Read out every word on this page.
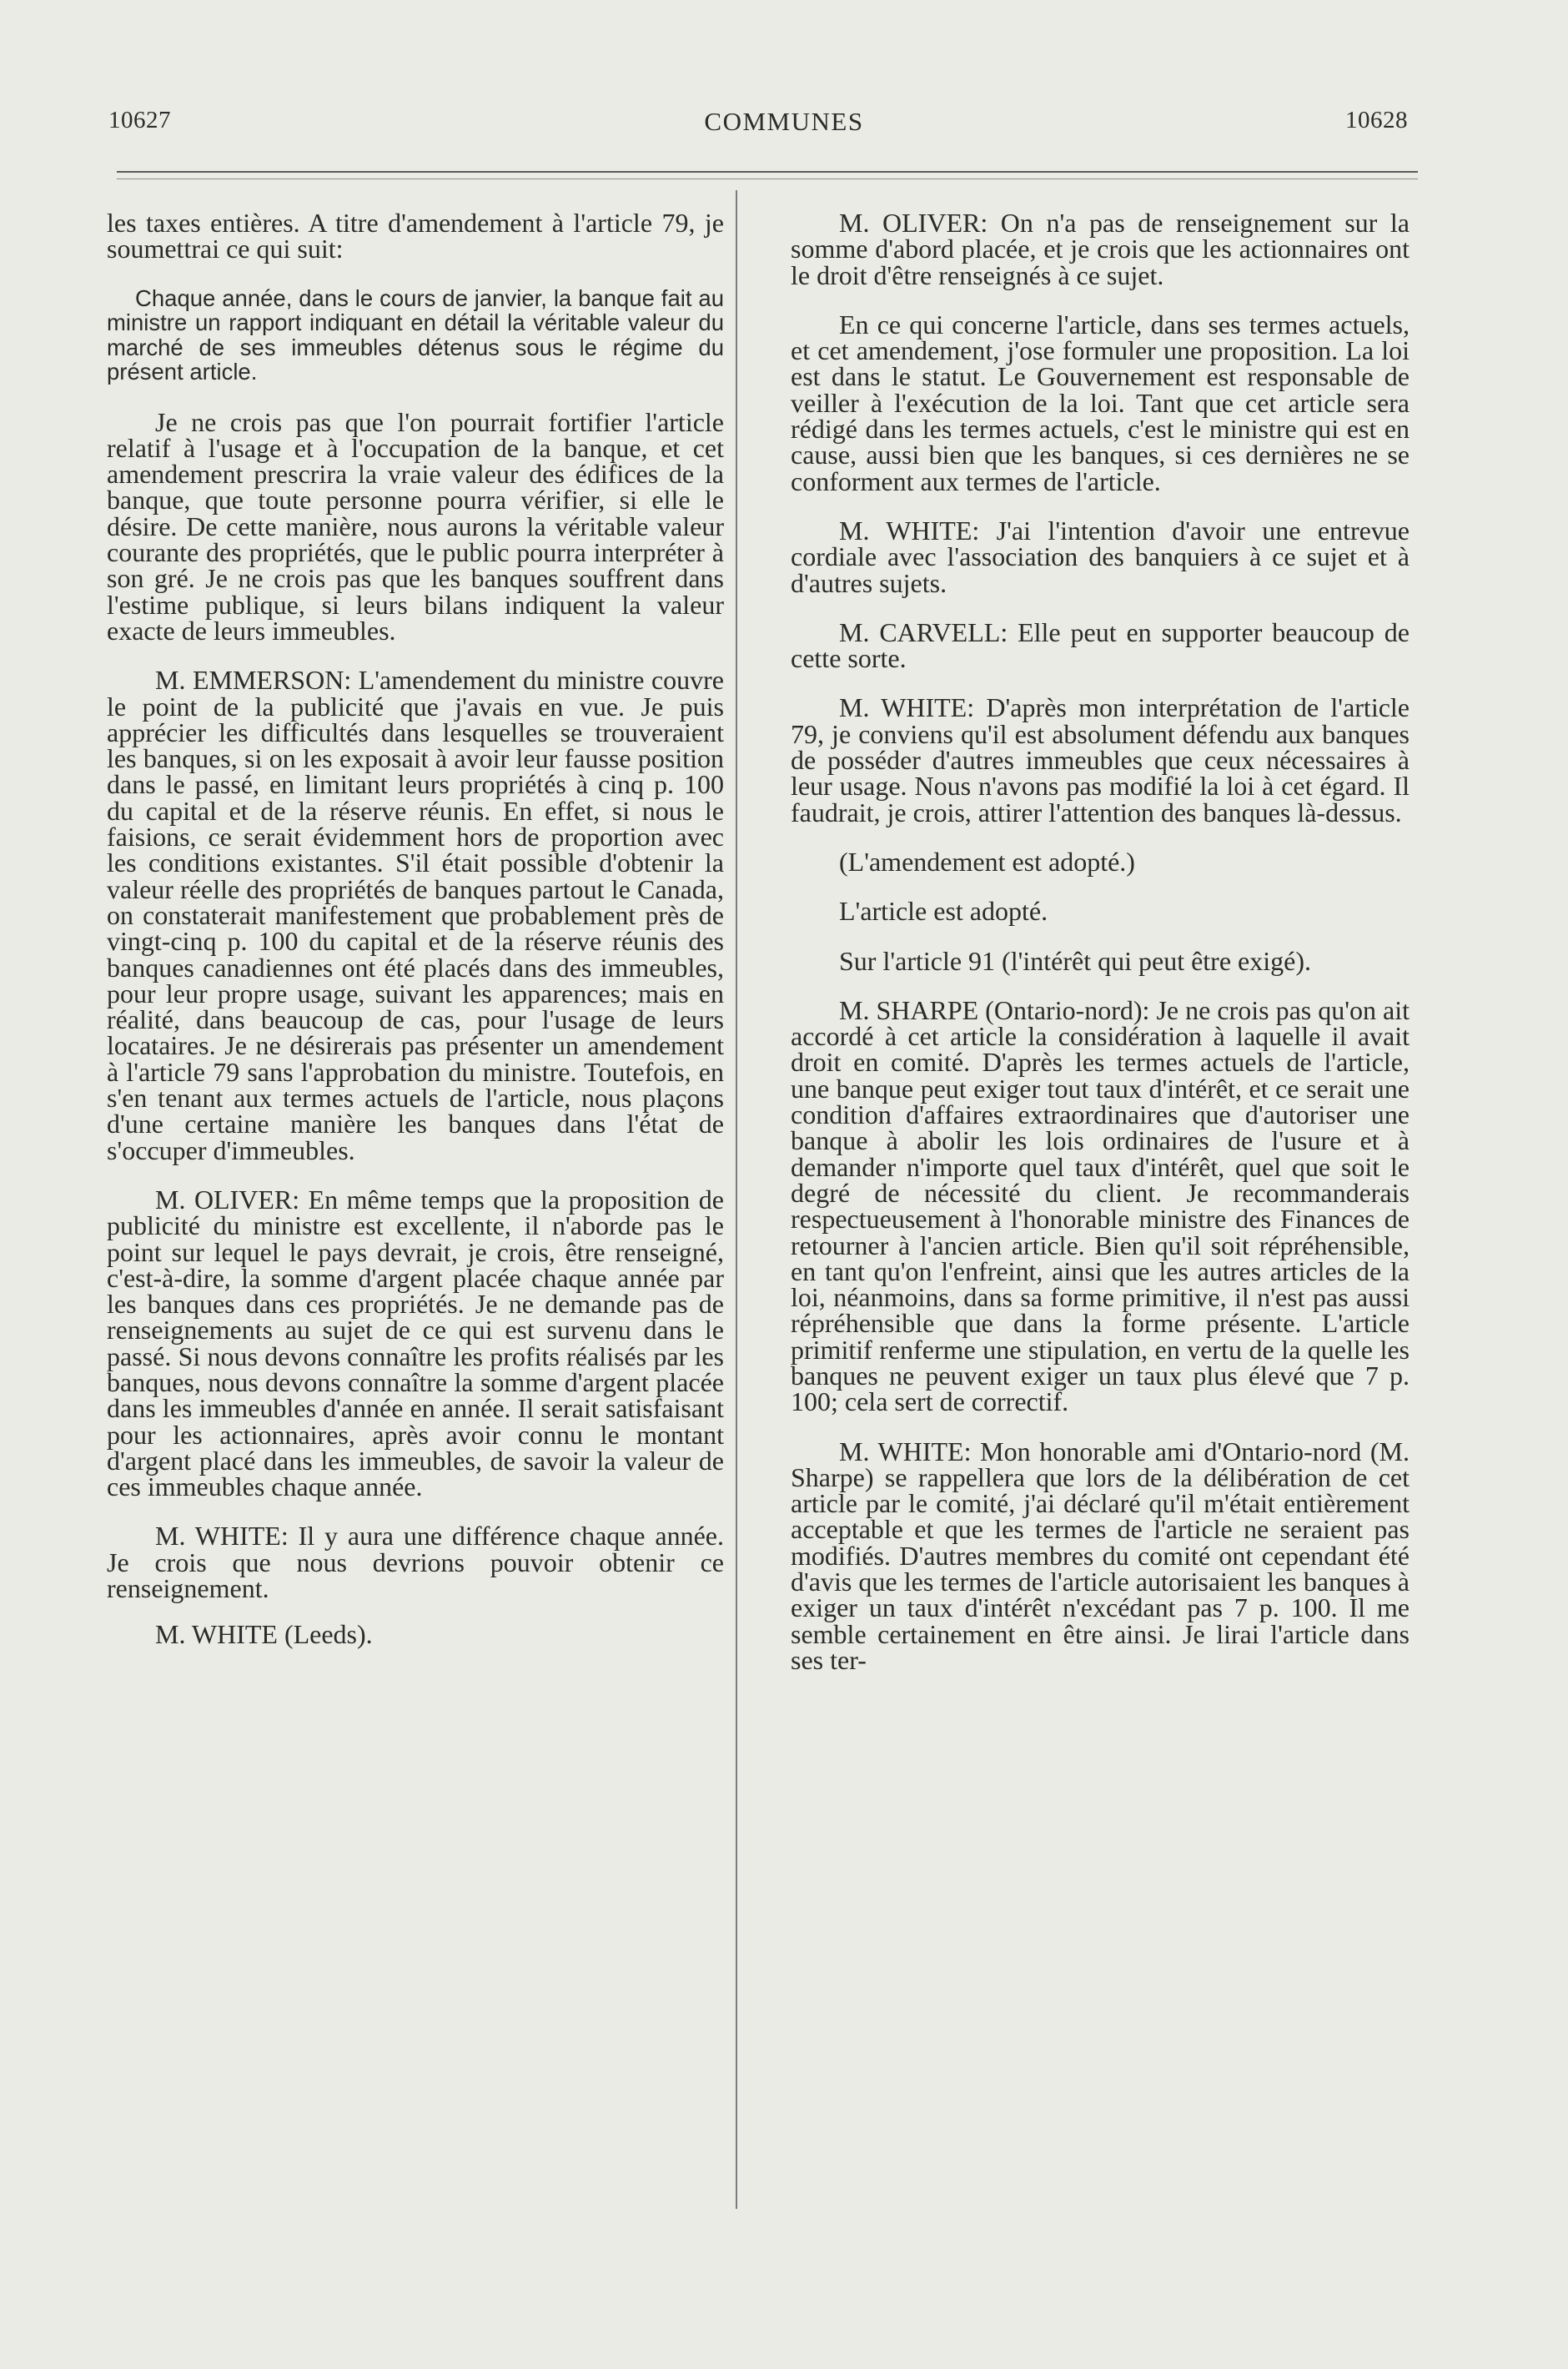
10627	COMMUNES	10628

les taxes entières. A titre d'amendement à l'article 79, je soumettrai ce qui suit:

Chaque année, dans le cours de janvier, la banque fait au ministre un rapport indiquant en détail la véritable valeur du marché de ses immeubles détenus sous le régime du présent article.

Je ne crois pas que l'on pourrait fortifier l'article relatif à l'usage et à l'occupation de la banque, et cet amendement prescrira la vraie valeur des édifices de la banque, que toute personne pourra vérifier, si elle le désire. De cette manière, nous aurons la véritable valeur courante des propriétés, que le public pourra interpréter à son gré. Je ne crois pas que les banques souffrent dans l'estime publique, si leurs bilans indiquent la valeur exacte de leurs immeubles.

M. EMMERSON: L'amendement du ministre couvre le point de la publicité que j'avais en vue. Je puis apprécier les difficultés dans lesquelles se trouveraient les banques, si on les exposait à avoir leur fausse position dans le passé, en limitant leurs propriétés à cinq p. 100 du capital et de la réserve réunis. En effet, si nous le faisions, ce serait évidemment hors de proportion avec les conditions existantes. S'il était possible d'obtenir la valeur réelle des propriétés de banques partout le Canada, on constaterait manifestement que probablement près de vingt-cinq p. 100 du capital et de la réserve réunis des banques canadiennes ont été placés dans des immeubles, pour leur propre usage, suivant les apparences; mais en réalité, dans beaucoup de cas, pour l'usage de leurs locataires. Je ne désirerais pas présenter un amendement à l'article 79 sans l'approbation du ministre. Toutefois, en s'en tenant aux termes actuels de l'article, nous plaçons d'une certaine manière les banques dans l'état de s'occuper d'immeubles.

M. OLIVER: En même temps que la proposition de publicité du ministre est excellente, il n'aborde pas le point sur lequel le pays devrait, je crois, être renseigné, c'est-à-dire, la somme d'argent placée chaque année par les banques dans ces propriétés. Je ne demande pas de renseignements au sujet de ce qui est survenu dans le passé. Si nous devons connaître les profits réalisés par les banques, nous devons connaître la somme d'argent placée dans les immeubles d'année en année. Il serait satisfaisant pour les actionnaires, après avoir connu le montant d'argent placé dans les immeubles, de savoir la valeur de ces immeubles chaque année.

M. WHITE: Il y aura une différence chaque année. Je crois que nous devrions pouvoir obtenir ce renseignement.

M. WHITE (Leeds).

M. OLIVER: On n'a pas de renseignement sur la somme d'abord placée, et je crois que les actionnaires ont le droit d'être renseignés à ce sujet.

En ce qui concerne l'article, dans ses termes actuels, et cet amendement, j'ose formuler une proposition. La loi est dans le statut. Le Gouvernement est responsable de veiller à l'exécution de la loi. Tant que cet article sera rédigé dans les termes actuels, c'est le ministre qui est en cause, aussi bien que les banques, si ces dernières ne se conforment aux termes de l'article.

M. WHITE: J'ai l'intention d'avoir une entrevue cordiale avec l'association des banquiers à ce sujet et à d'autres sujets.

M. CARVELL: Elle peut en supporter beaucoup de cette sorte.

M. WHITE: D'après mon interprétation de l'article 79, je conviens qu'il est absolument défendu aux banques de posséder d'autres immeubles que ceux nécessaires à leur usage. Nous n'avons pas modifié la loi à cet égard. Il faudrait, je crois, attirer l'attention des banques là-dessus.

(L'amendement est adopté.)

L'article est adopté.

Sur l'article 91 (l'intérêt qui peut être exigé).

M. SHARPE (Ontario-nord): Je ne crois pas qu'on ait accordé à cet article la considération à laquelle il avait droit en comité. D'après les termes actuels de l'article, une banque peut exiger tout taux d'intérêt, et ce serait une condition d'affaires extraordinaires que d'autoriser une banque à abolir les lois ordinaires de l'usure et à demander n'importe quel taux d'intérêt, quel que soit le degré de nécessité du client. Je recommanderais respectueusement à l'honorable ministre des Finances de retourner à l'ancien article. Bien qu'il soit répréhensible, en tant qu'on l'enfreint, ainsi que les autres articles de la loi, néanmoins, dans sa forme primitive, il n'est pas aussi répréhensible que dans la forme présente. L'article primitif renferme une stipulation, en vertu de la quelle les banques ne peuvent exiger un taux plus élevé que 7 p. 100; cela sert de correctif.

M. WHITE: Mon honorable ami d'Ontario-nord (M. Sharpe) se rappellera que lors de la délibération de cet article par le comité, j'ai déclaré qu'il m'était entièrement acceptable et que les termes de l'article ne seraient pas modifiés. D'autres membres du comité ont cependant été d'avis que les termes de l'article autorisaient les banques à exiger un taux d'intérêt n'excédant pas 7 p. 100. Il me semble certainement en être ainsi. Je lirai l'article dans ses ter-
